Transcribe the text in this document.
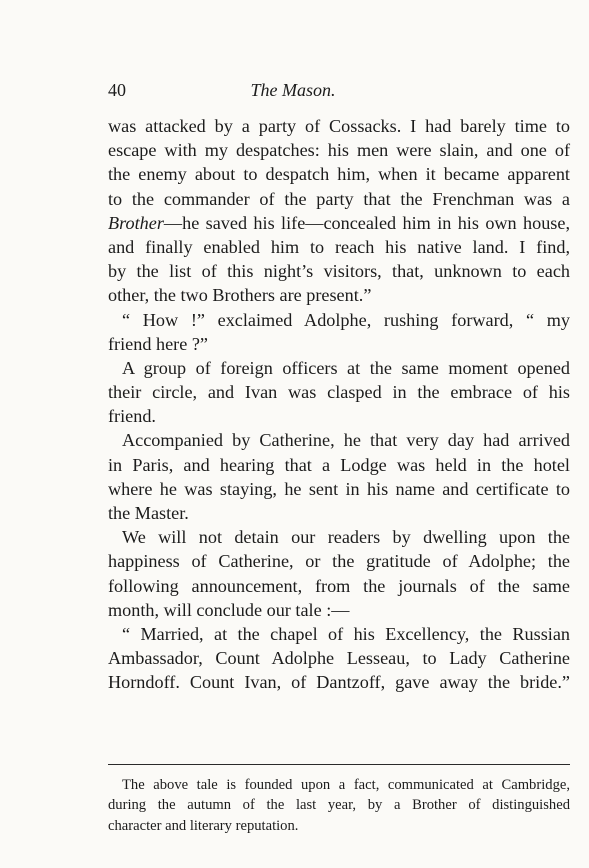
40	The Mason.
was attacked by a party of Cossacks. I had barely time to
escape with my despatches: his men were slain, and one of
the enemy about to despatch him, when it became apparent
to the commander of the party that the Frenchman was a
Brother—he saved his life—concealed him in his own house,
and finally enabled him to reach his native land. I find,
by the list of this night’s visitors, that, unknown to each
other, the two Brothers are present.”
“ How !” exclaimed Adolphe, rushing forward, “ my
friend here ?”
A group of foreign officers at the same moment opened
their circle, and Ivan was clasped in the embrace of his
friend.
Accompanied by Catherine, he that very day had arrived
in Paris, and hearing that a Lodge was held in the hotel
where he was staying, he sent in his name and certificate to
the Master.
We will not detain our readers by dwelling upon the
happiness of Catherine, or the gratitude of Adolphe; the
following announcement, from the journals of the same
month, will conclude our tale :—
“ Married, at the chapel of his Excellency, the Russian
Ambassador, Count Adolphe Lesseau, to Lady Catherine
Horndoff. Count Ivan, of Dantzoff, gave away the bride.”
The above tale is founded upon a fact, communicated at Cambridge,
during the autumn of the last year, by a Brother of distinguished
character and literary reputation.
